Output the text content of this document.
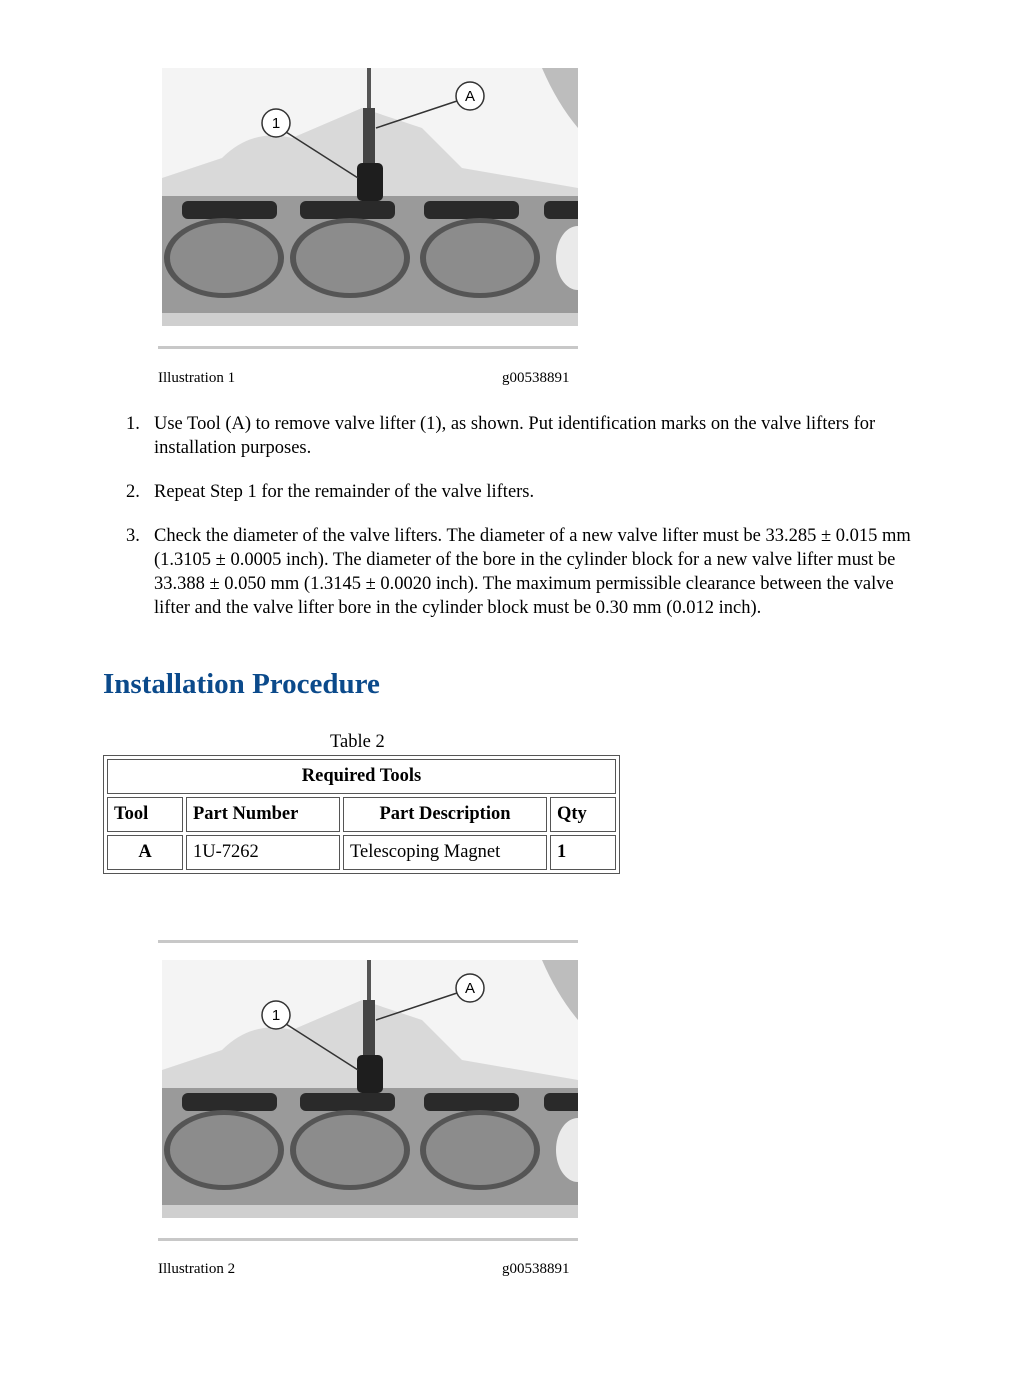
1
A
Illustration 1	g00538891
1. Use Tool (A) to remove valve lifter (1), as shown. Put identification marks on the valve lifters for installation purposes.
2. Repeat Step 1 for the remainder of the valve lifters.
3. Check the diameter of the valve lifters. The diameter of a new valve lifter must be 33.285 ± 0.015 mm (1.3105 ± 0.0005 inch). The diameter of the bore in the cylinder block for a new valve lifter must be 33.388 ± 0.050 mm (1.3145 ± 0.0020 inch). The maximum permissible clearance between the valve lifter and the valve lifter bore in the cylinder block must be 0.30 mm (0.012 inch).
Installation Procedure
Table 2
Required Tools			
Tool	Part Number	Part Description	Qty
A	1U-7262	Telescoping Magnet	1
1
A
Illustration 2	g00538891
